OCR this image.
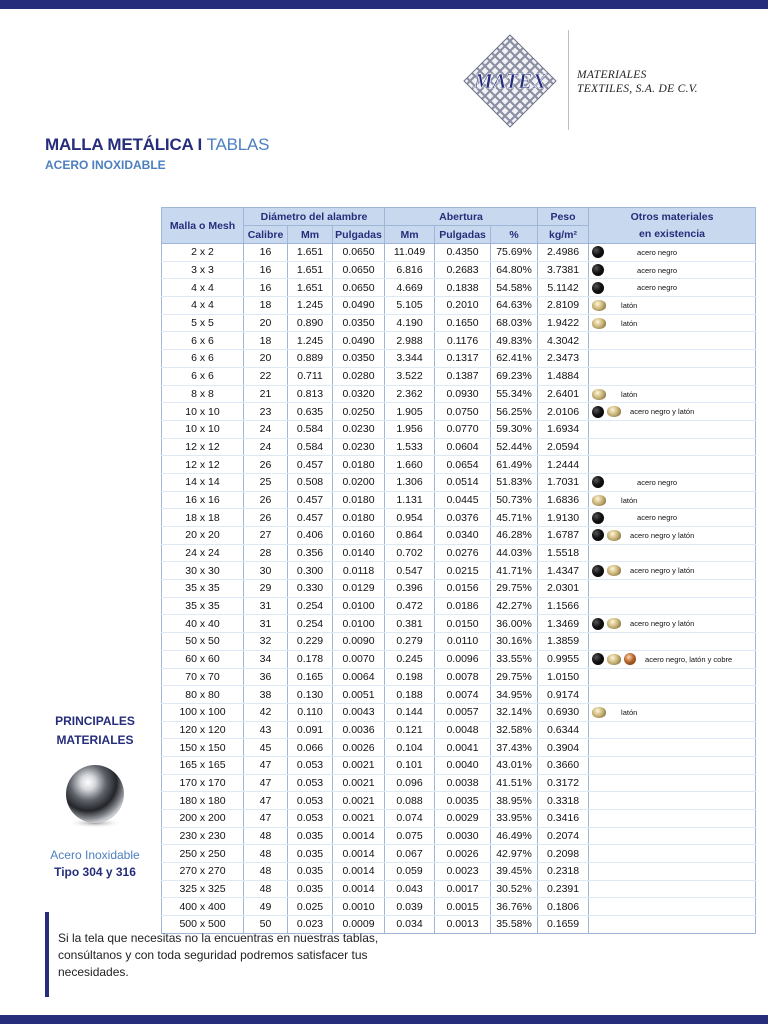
MATEX	MATERIALES
TEXTILES, S.A. DE C.V.
MALLA METÁLICA I TABLAS
ACERO INOXIDABLE
Malla o Mesh	Diámetro del alambre			Abertura			Peso	Otros materiales
en existencia
	Calibre	Mm	Pulgadas	Mm	Pulgadas	%	kg/m²	
2 x 2	16	1.651	0.0650	11.049	0.4350	75.69%	2.4986	acero negro
3 x 3	16	1.651	0.0650	6.816	0.2683	64.80%	3.7381	acero negro
4 x 4	16	1.651	0.0650	4.669	0.1838	54.58%	5.1142	acero negro
4 x 4	18	1.245	0.0490	5.105	0.2010	64.63%	2.8109	latón
5 x 5	20	0.890	0.0350	4.190	0.1650	68.03%	1.9422	latón
6 x 6	18	1.245	0.0490	2.988	0.1176	49.83%	4.3042	
6 x 6	20	0.889	0.0350	3.344	0.1317	62.41%	2.3473	
6 x 6	22	0.711	0.0280	3.522	0.1387	69.23%	1.4884	
8 x 8	21	0.813	0.0320	2.362	0.0930	55.34%	2.6401	latón
10 x 10	23	0.635	0.0250	1.905	0.0750	56.25%	2.0106	acero negro y latón
10 x 10	24	0.584	0.0230	1.956	0.0770	59.30%	1.6934	
12 x 12	24	0.584	0.0230	1.533	0.0604	52.44%	2.0594	
12 x 12	26	0.457	0.0180	1.660	0.0654	61.49%	1.2444	
14 x 14	25	0.508	0.0200	1.306	0.0514	51.83%	1.7031	acero negro
16 x 16	26	0.457	0.0180	1.131	0.0445	50.73%	1.6836	latón
18 x 18	26	0.457	0.0180	0.954	0.0376	45.71%	1.9130	acero negro
20 x 20	27	0.406	0.0160	0.864	0.0340	46.28%	1.6787	acero negro y latón
24 x 24	28	0.356	0.0140	0.702	0.0276	44.03%	1.5518	
30 x 30	30	0.300	0.0118	0.547	0.0215	41.71%	1.4347	acero negro y latón
35 x 35	29	0.330	0.0129	0.396	0.0156	29.75%	2.0301	
35 x 35	31	0.254	0.0100	0.472	0.0186	42.27%	1.1566	
40 x 40	31	0.254	0.0100	0.381	0.0150	36.00%	1.3469	acero negro y latón
50 x 50	32	0.229	0.0090	0.279	0.0110	30.16%	1.3859	
60 x 60	34	0.178	0.0070	0.245	0.0096	33.55%	0.9955	acero negro, latón y cobre
70 x 70	36	0.165	0.0064	0.198	0.0078	29.75%	1.0150	
80 x 80	38	0.130	0.0051	0.188	0.0074	34.95%	0.9174	
100 x 100	42	0.110	0.0043	0.144	0.0057	32.14%	0.6930	latón
120 x 120	43	0.091	0.0036	0.121	0.0048	32.58%	0.6344	
150 x 150	45	0.066	0.0026	0.104	0.0041	37.43%	0.3904	
165 x 165	47	0.053	0.0021	0.101	0.0040	43.01%	0.3660	
170 x 170	47	0.053	0.0021	0.096	0.0038	41.51%	0.3172	
180 x 180	47	0.053	0.0021	0.088	0.0035	38.95%	0.3318	
200 x 200	47	0.053	0.0021	0.074	0.0029	33.95%	0.3416	
230 x 230	48	0.035	0.0014	0.075	0.0030	46.49%	0.2074	
250 x 250	48	0.035	0.0014	0.067	0.0026	42.97%	0.2098	
270 x 270	48	0.035	0.0014	0.059	0.0023	39.45%	0.2318	
325 x 325	48	0.035	0.0014	0.043	0.0017	30.52%	0.2391	
400 x 400	49	0.025	0.0010	0.039	0.0015	36.76%	0.1806	
500 x 500	50	0.023	0.0009	0.034	0.0013	35.58%	0.1659	
PRINCIPALES
MATERIALES
Acero Inoxidable
Tipo 304 y 316
Si la tela que necesitas no la encuentras en nuestras tablas, consúltanos y con toda seguridad podremos satisfacer tus necesidades.
